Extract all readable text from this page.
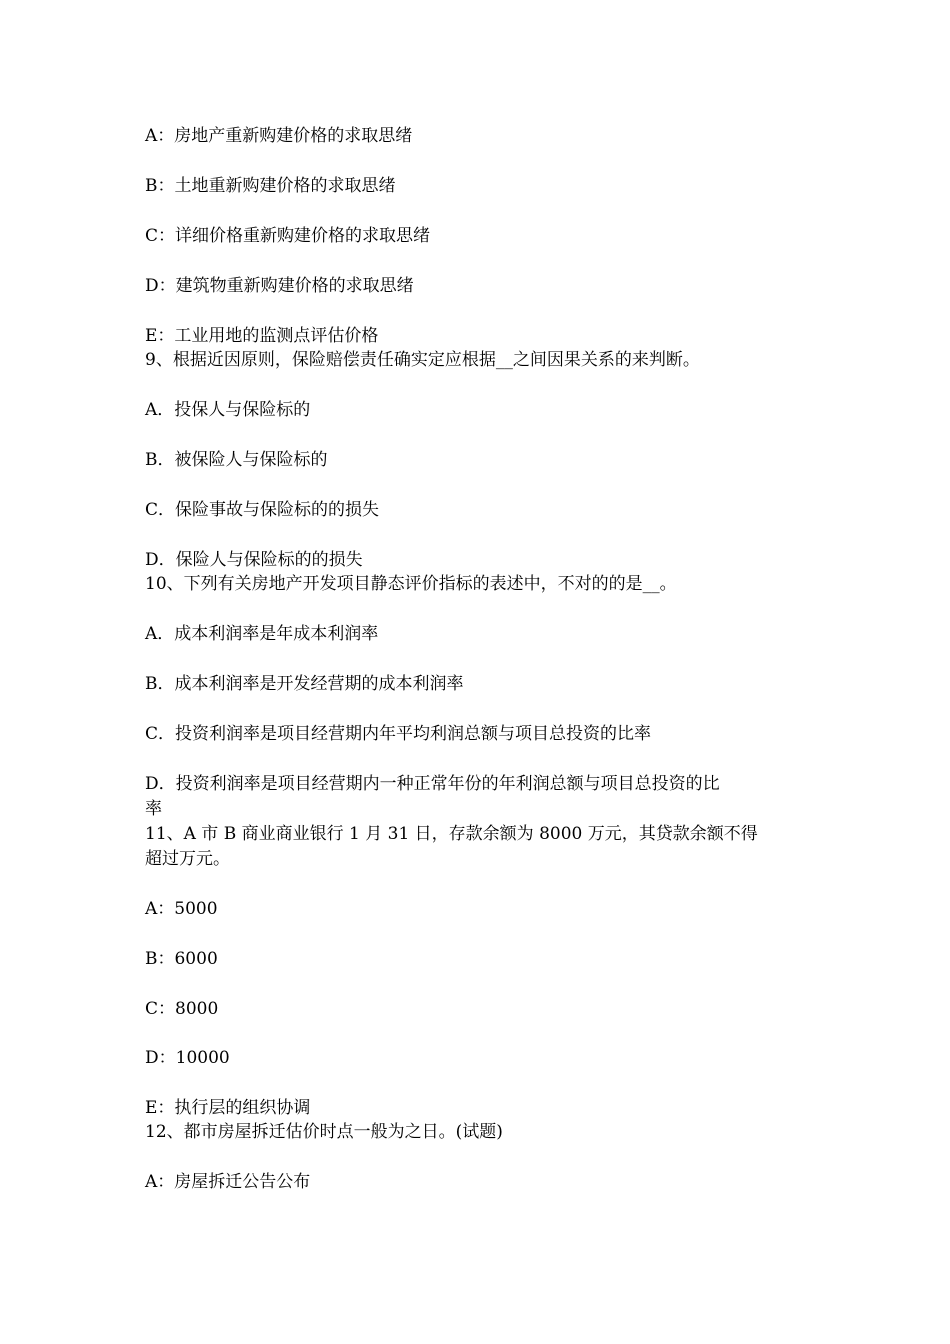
A：房地产重新购建价格的求取思绪
B：土地重新购建价格的求取思绪
C：详细价格重新购建价格的求取思绪
D：建筑物重新购建价格的求取思绪
E：工业用地的监测点评估价格
9、根据近因原则，保险赔偿责任确实定应根据__之间因果关系的来判断。
A．投保人与保险标的
B．被保险人与保险标的
C．保险事故与保险标的的损失
D．保险人与保险标的的损失
10、下列有关房地产开发项目静态评价指标的表述中，不对的的是__。
A．成本利润率是年成本利润率
B．成本利润率是开发经营期的成本利润率
C．投资利润率是项目经营期内年平均利润总额与项目总投资的比率
D．投资利润率是项目经营期内一种正常年份的年利润总额与项目总投资的比
率
11、A 市 B 商业商业银行 1 月 31 日，存款余额为 8000 万元，其贷款余额不得
超过万元。
A：5000
B：6000
C：8000
D：10000
E：执行层的组织协调
12、都市房屋拆迁估价时点一般为之日。(试题)
A：房屋拆迁公告公布
